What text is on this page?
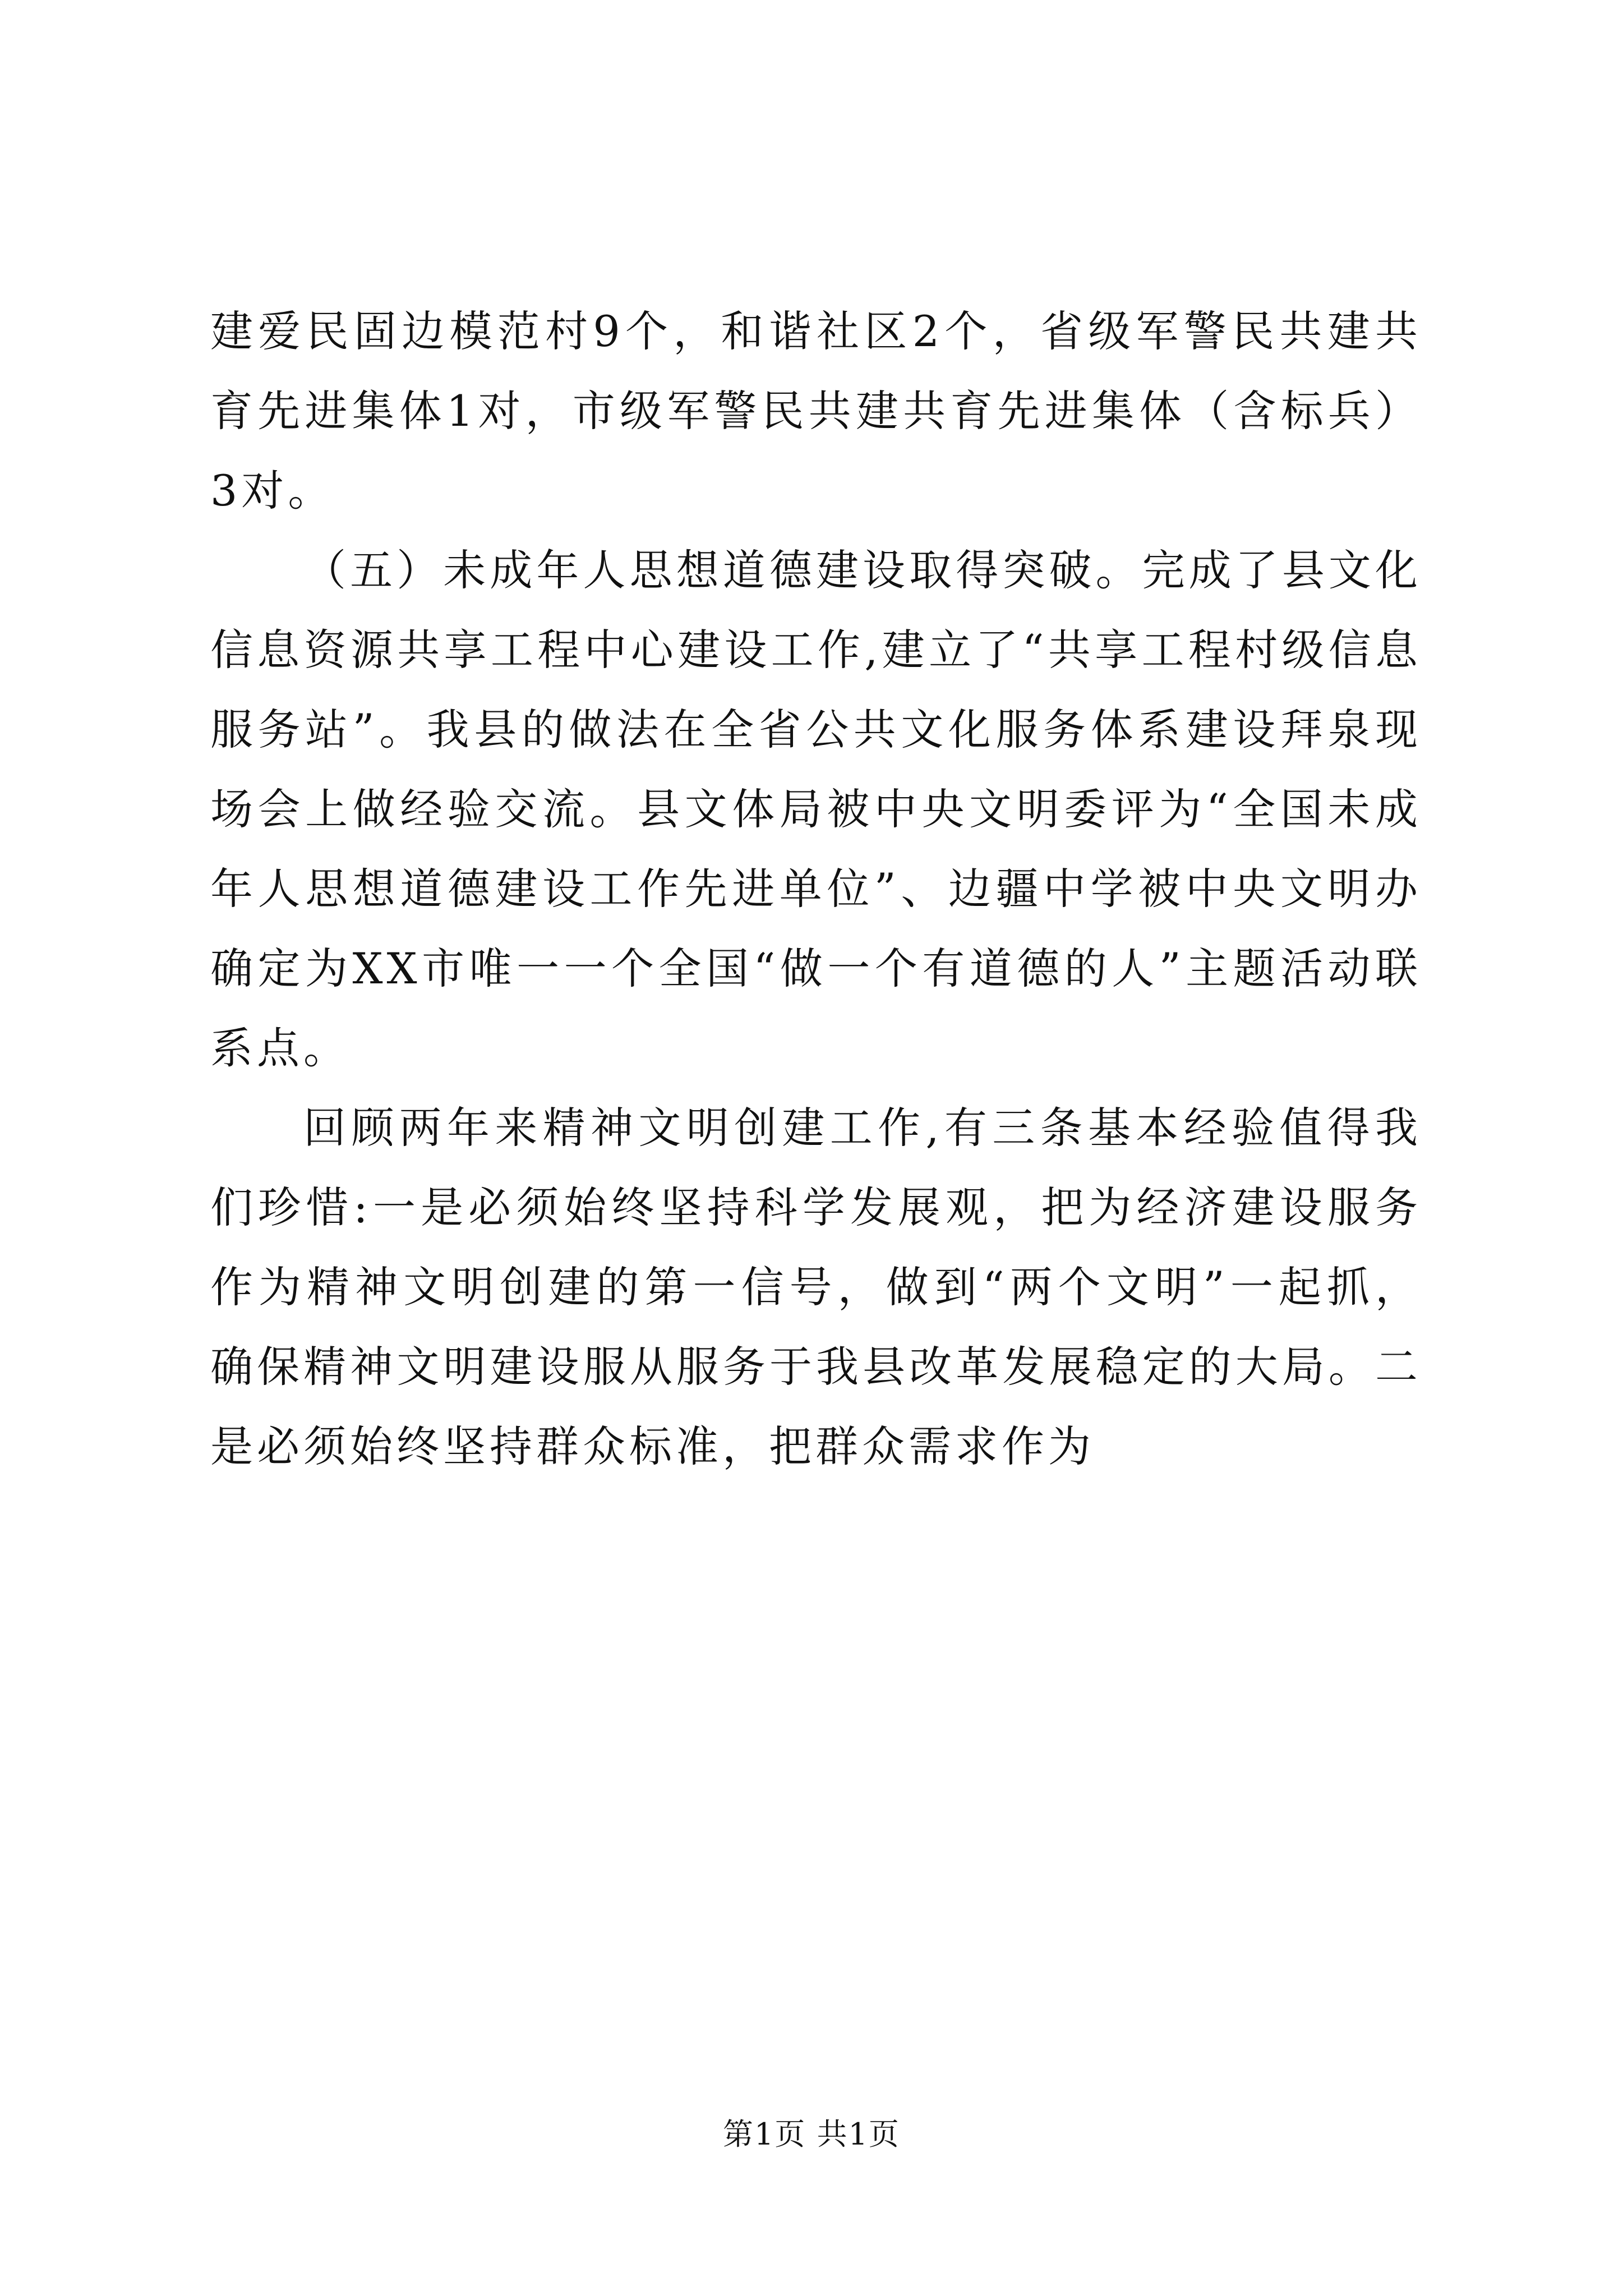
建爱民固边模范村9个，和谐社区2个，省级军警民共建共育先进集体1对，市级军警民共建共育先进集体（含标兵）3对。

（五）未成年人思想道德建设取得突破。完成了县文化信息资源共享工程中心建设工作,建立了“共享工程村级信息服务站”。我县的做法在全省公共文化服务体系建设拜泉现场会上做经验交流。县文体局被中央文明委评为“全国未成年人思想道德建设工作先进单位”、边疆中学被中央文明办确定为XX市唯一一个全国“做一个有道德的人”主题活动联系点。

回顾两年来精神文明创建工作,有三条基本经验值得我们珍惜:一是必须始终坚持科学发展观，把为经济建设服务作为精神文明创建的第一信号，做到“两个文明”一起抓，确保精神文明建设服从服务于我县改革发展稳定的大局。二是必须始终坚持群众标准，把群众需求作为

第1页 共1页
